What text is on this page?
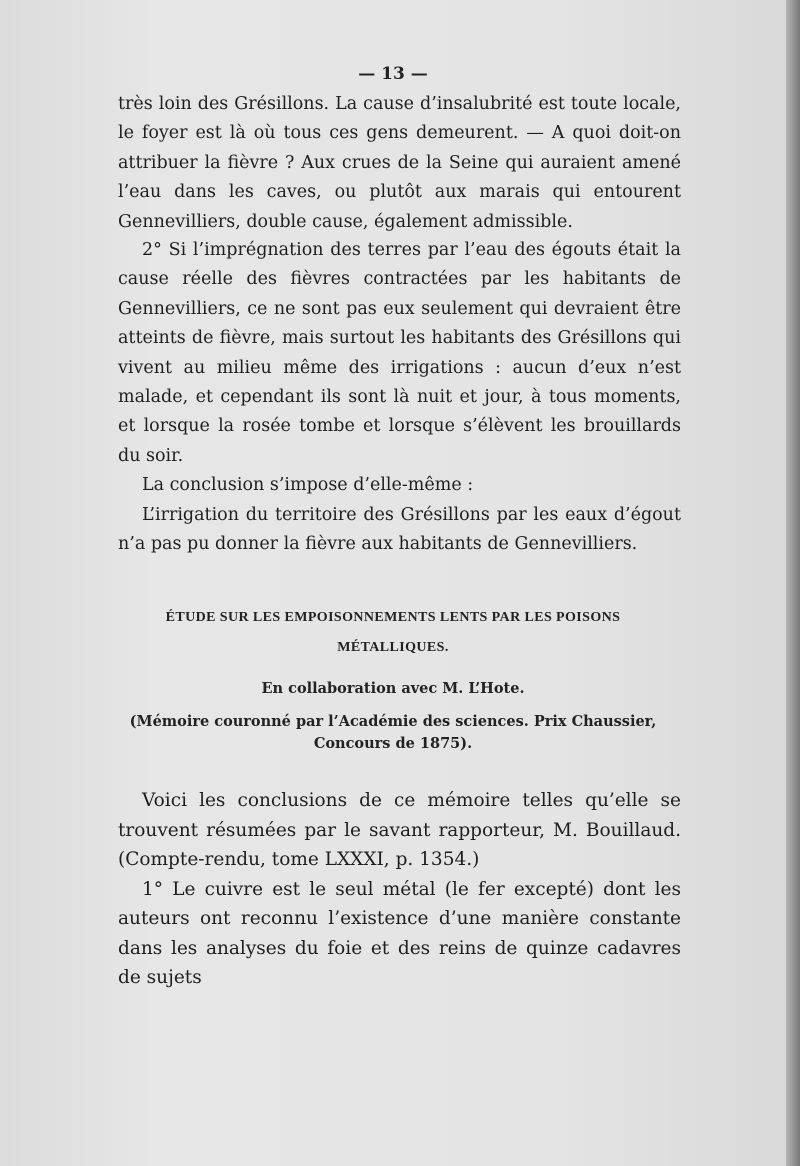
— 13 —

très loin des Grésillons. La cause d’insalubrité est toute locale, le foyer est là où tous ces gens demeurent. — A quoi doit-on attribuer la fièvre ? Aux crues de la Seine qui auraient amené l’eau dans les caves, ou plutôt aux marais qui entourent Gennevilliers, double cause, également admissible.

2° Si l’imprégnation des terres par l’eau des égouts était la cause réelle des fièvres contractées par les habitants de Gennevilliers, ce ne sont pas eux seulement qui devraient être atteints de fièvre, mais surtout les habitants des Grésillons qui vivent au milieu même des irrigations : aucun d’eux n’est malade, et cependant ils sont là nuit et jour, à tous moments, et lorsque la rosée tombe et lorsque s’élèvent les brouillards du soir.

La conclusion s’impose d’elle-même :

L’irrigation du territoire des Grésillons par les eaux d’égout n’a pas pu donner la fièvre aux habitants de Gennevilliers.

ÉTUDE SUR LES EMPOISONNEMENTS LENTS PAR LES POISONS
MÉTALLIQUES.
En collaboration avec M. L’Hote.
(Mémoire couronné par l’Académie des sciences. Prix Chaussier,
Concours de 1875).

Voici les conclusions de ce mémoire telles qu’elle se trouvent résumées par le savant rapporteur, M. Bouillaud. (Compte-rendu, tome LXXXI, p. 1354.)

1° Le cuivre est le seul métal (le fer excepté) dont les auteurs ont reconnu l’existence d’une manière constante dans les analyses du foie et des reins de quinze cadavres de sujets
